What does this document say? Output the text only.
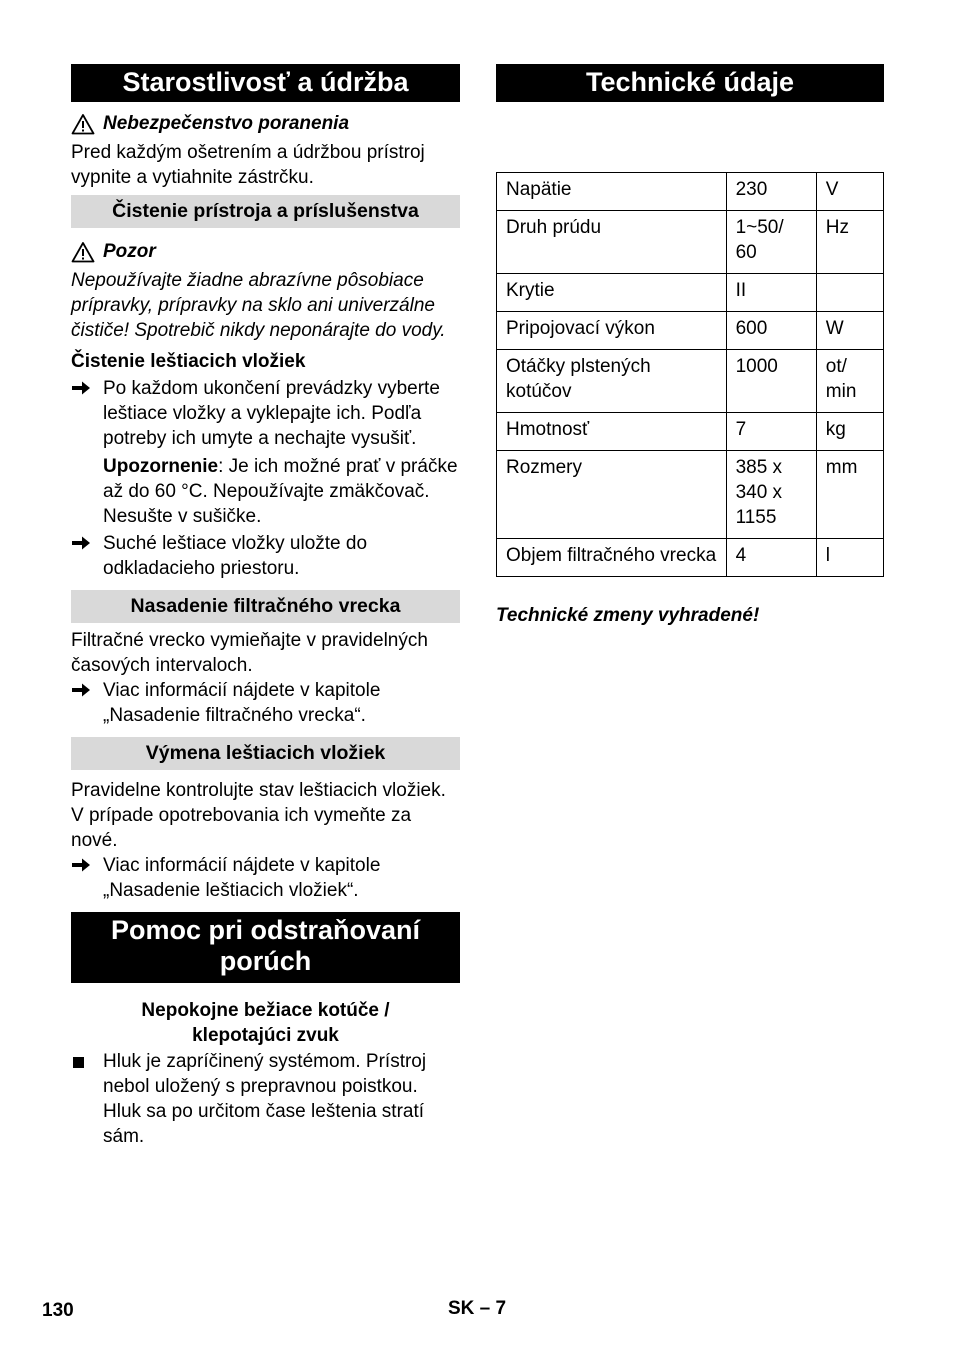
Starostlivosť a údržba
Nebezpečenstvo poranenia

Pred každým ošetrením a údržbou prístroj vypnite a vytiahnite zástrčku.

Čistenie prístroja a príslušenstva
Pozor

Nepoužívajte žiadne abrazívne pôsobiace prípravky, prípravky na sklo ani univerzálne čističe! Spotrebič nikdy neponárajte do vody.

Čistenie leštiacich vložiek
Po každom ukončení prevádzky vyberte leštiace vložky a vyklepajte ich. Podľa potreby ich umyte a nechajte vysušiť.

Upozornenie: Je ich možné prať v práčke až do 60 °C. Nepoužívajte zmäkčovač. Nesušte v sušičke.

Suché leštiace vložky uložte do odkladacieho priestoru.
Nasadenie filtračného vrecka

Filtračné vrecko vymieňajte v pravidelných časových intervaloch.

Viac informácií nájdete v kapitole „Nasadenie filtračného vrecka“.
Výmena leštiacich vložiek

Pravidelne kontrolujte stav leštiacich vložiek. V prípade opotrebovania ich vymeňte za nové.

Viac informácií nájdete v kapitole „Nasadenie leštiacich vložiek“.
Pomoc pri odstraňovaní porúch
Nepokojne bežiace kotúče / klepotajúci zvuk
Hluk je zapríčinený systémom. Prístroj nebol uložený s prepravnou poistkou. Hluk sa po určitom čase leštenia stratí sám.
Technické údaje
Napätie	230	V
Druh prúdu	1~50/ 60	Hz
Krytie	II	
Pripojovací výkon	600	W
Otáčky plstených kotúčov	1000	ot/ min
Hmotnosť	7	kg
Rozmery	385 x 340 x 1155	mm
Objem filtračného vrecka	4	l

Technické zmeny vyhradené!

130	SK – 7
